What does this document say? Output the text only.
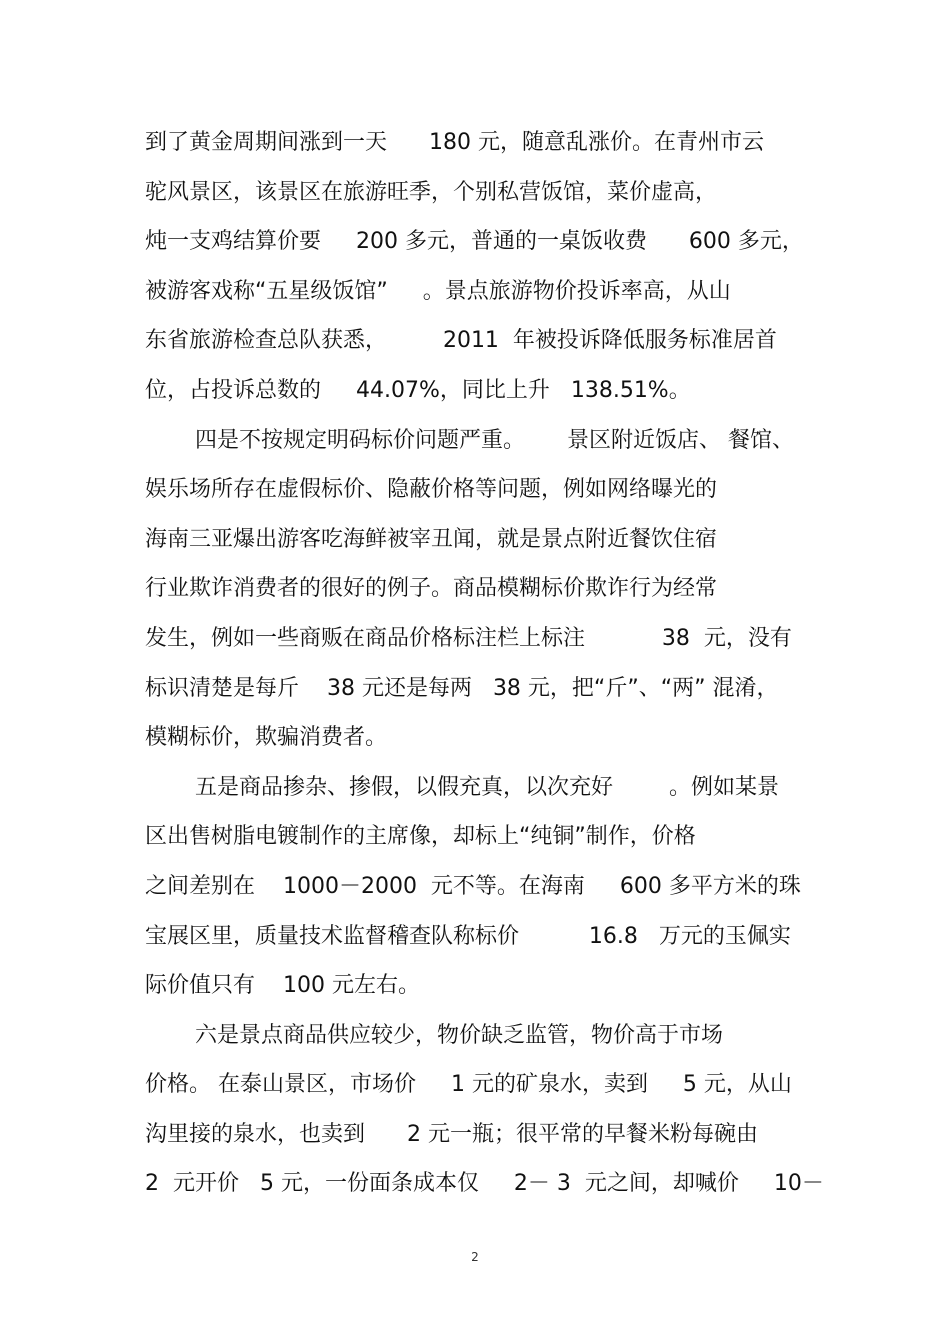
到了黄金周期间涨到一天      180 元，随意乱涨价。在青州市云
驼风景区，该景区在旅游旺季，个别私营饭馆，菜价虚高，
炖一支鸡结算价要     200 多元，普通的一桌饭收费      600 多元，
被游客戏称“五星级饭馆”     。景点旅游物价投诉率高，从山
东省旅游检查总队获悉，        2011  年被投诉降低服务标准居首
位，占投诉总数的     44.07%，同比上升   138.51%。
四是不按规定明码标价问题严重。      景区附近饭店、 餐馆、
娱乐场所存在虚假标价、隐蔽价格等问题，例如网络曝光的
海南三亚爆出游客吃海鲜被宰丑闻，就是景点附近餐饮住宿
行业欺诈消费者的很好的例子。商品模糊标价欺诈行为经常
发生，例如一些商贩在商品价格标注栏上标注           38  元，没有
标识清楚是每斤    38 元还是每两   38 元，把“斤”、“两” 混淆，
模糊标价，欺骗消费者。
五是商品掺杂、掺假，以假充真，以次充好        。例如某景
区出售树脂电镀制作的主席像，却标上“纯铜”制作，价格
之间差别在    1000－2000  元不等。在海南     600 多平方米的珠
宝展区里，质量技术监督稽查队称标价          16.8   万元的玉佩实
际价值只有    100 元左右。
六是景点商品供应较少，物价缺乏监管，物价高于市场
价格。 在泰山景区，市场价     1 元的矿泉水，卖到     5 元，从山
沟里接的泉水，也卖到      2 元一瓶；很平常的早餐米粉每碗由
2  元开价   5 元，一份面条成本仅     2－ 3  元之间，却喊价     10－
2
